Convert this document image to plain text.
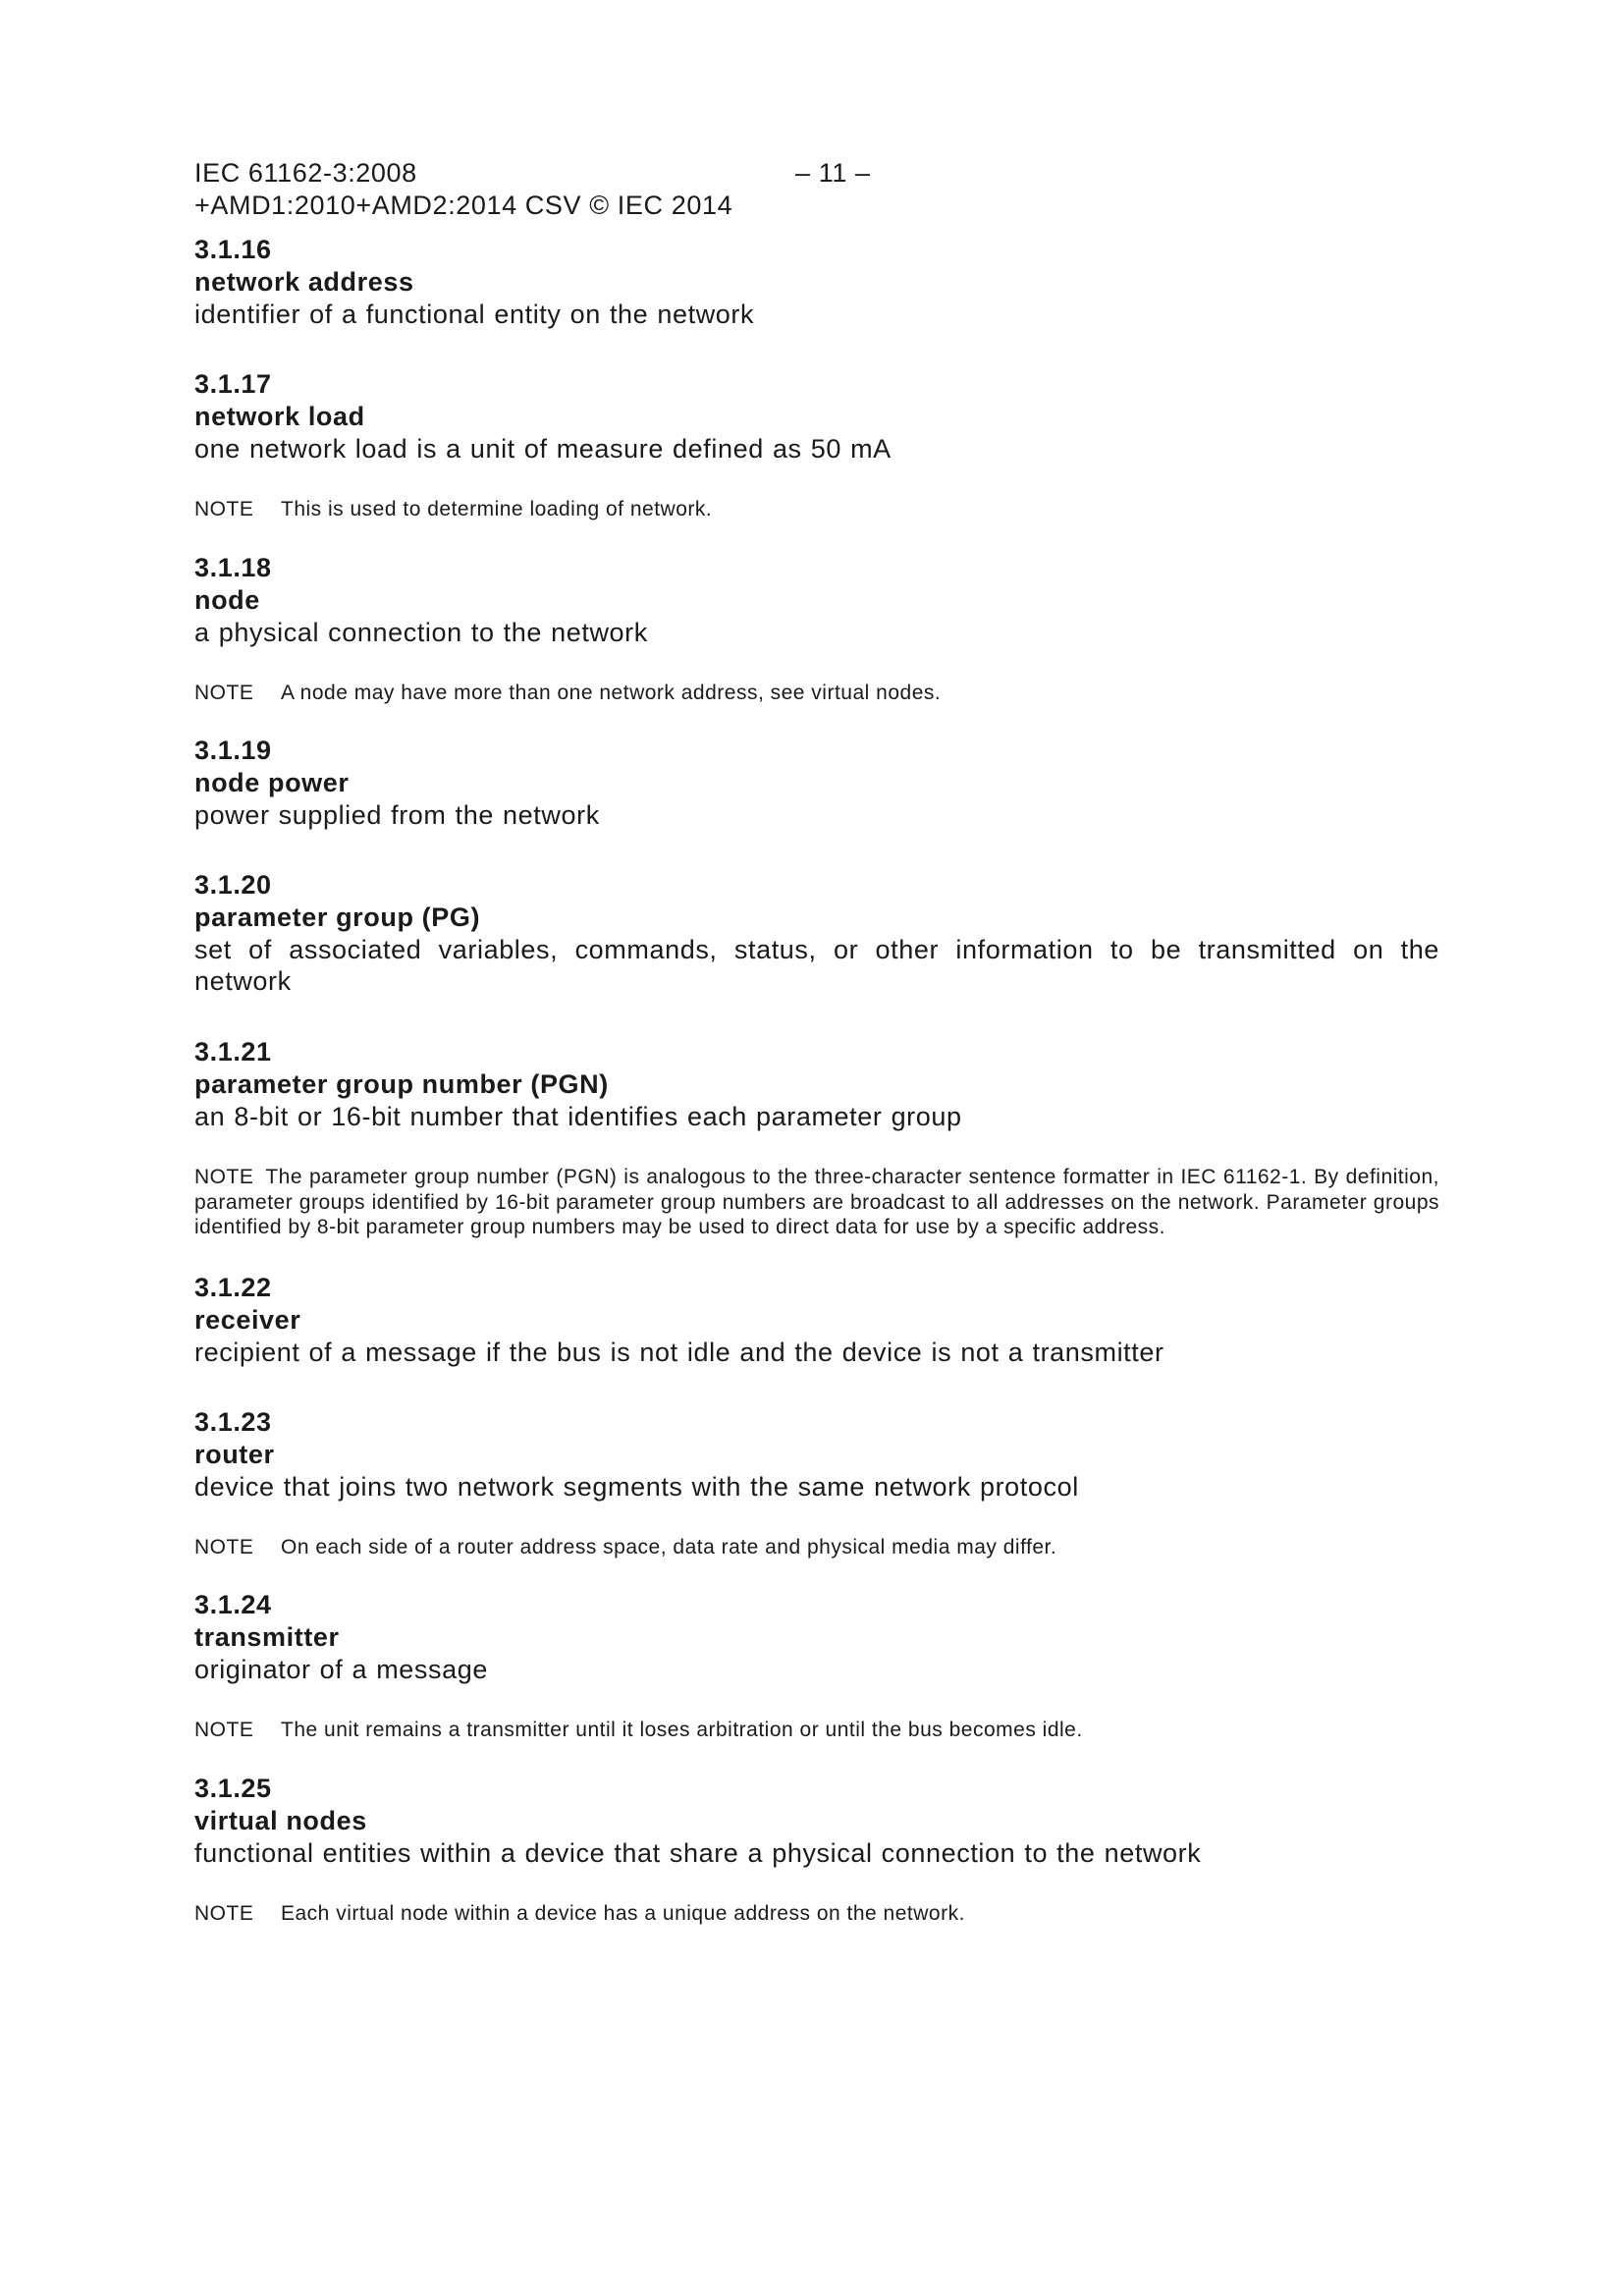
IEC 61162-3:2008	– 11 –
+AMD1:2010+AMD2:2014 CSV © IEC 2014
3.1.16
network address
identifier of a functional entity on the network
3.1.17
network load
one network load is a unit of measure defined as 50 mA
NOTE This is used to determine loading of network.
3.1.18
node
a physical connection to the network
NOTE A node may have more than one network address, see virtual nodes.
3.1.19
node power
power supplied from the network
3.1.20
parameter group (PG)
set of associated variables, commands, status, or other information to be transmitted on the network
3.1.21
parameter group number (PGN)
an 8-bit or 16-bit number that identifies each parameter group
NOTE The parameter group number (PGN) is analogous to the three-character sentence formatter in IEC 61162-1. By definition, parameter groups identified by 16-bit parameter group numbers are broadcast to all addresses on the network. Parameter groups identified by 8-bit parameter group numbers may be used to direct data for use by a specific address.
3.1.22
receiver
recipient of a message if the bus is not idle and the device is not a transmitter
3.1.23
router
device that joins two network segments with the same network protocol
NOTE On each side of a router address space, data rate and physical media may differ.
3.1.24
transmitter
originator of a message
NOTE The unit remains a transmitter until it loses arbitration or until the bus becomes idle.
3.1.25
virtual nodes
functional entities within a device that share a physical connection to the network
NOTE Each virtual node within a device has a unique address on the network.
